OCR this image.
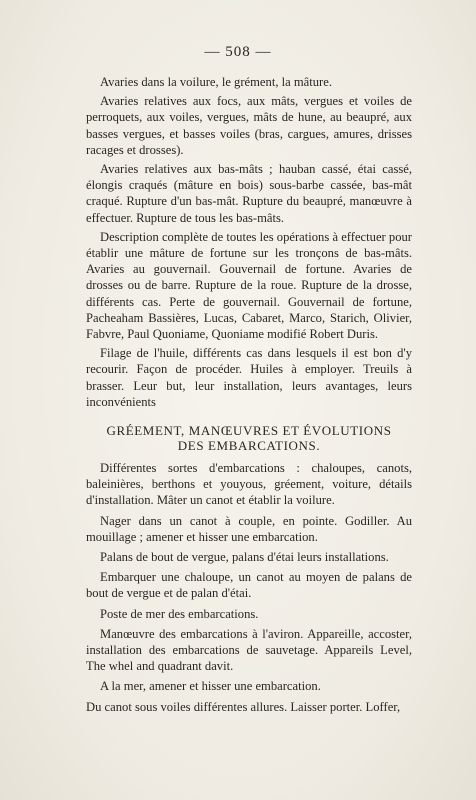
— 508 —

Avaries dans la voilure, le grément, la mâture.

Avaries relatives aux focs, aux mâts, vergues et voiles de perroquets, aux voiles, vergues, mâts de hune, au beaupré, aux basses vergues, et basses voiles (bras, cargues, amures, drisses racages et drosses).

Avaries relatives aux bas-mâts ; hauban cassé, étai cassé, élongis craqués (mâture en bois) sous-barbe cassée, bas-mât craqué. Rupture d'un bas-mât. Rupture du beaupré, manœuvre à effectuer. Rupture de tous les bas-mâts.

Description complète de toutes les opérations à effectuer pour établir une mâture de fortune sur les tronçons de bas-mâts. Avaries au gouvernail. Gouvernail de fortune. Avaries de drosses ou de barre. Rupture de la roue. Rupture de la drosse, différents cas. Perte de gouvernail. Gouvernail de fortune, Pacheaham Bassières, Lucas, Cabaret, Marco, Starich, Olivier, Fabvre, Paul Quoniame, Quoniame modifié Robert Duris.

Filage de l'huile, différents cas dans lesquels il est bon d'y recourir. Façon de procéder. Huiles à employer. Treuils à brasser. Leur but, leur installation, leurs avantages, leurs inconvénients

GRÉEMENT, MANŒUVRES ET ÉVOLUTIONS
DES EMBARCATIONS.

Différentes sortes d'embarcations : chaloupes, canots, baleinières, berthons et youyous, gréement, voiture, détails d'installation. Mâter un canot et établir la voilure.

Nager dans un canot à couple, en pointe. Godiller. Au mouillage ; amener et hisser une embarcation.

Palans de bout de vergue, palans d'étai leurs installations.

Embarquer une chaloupe, un canot au moyen de palans de bout de vergue et de palan d'étai.

Poste de mer des embarcations.

Manœuvre des embarcations à l'aviron. Appareille, accoster, installation des embarcations de sauvetage. Appareils Level, The whel and quadrant davit.

A la mer, amener et hisser une embarcation.

Du canot sous voiles différentes allures. Laisser porter. Loffer,
